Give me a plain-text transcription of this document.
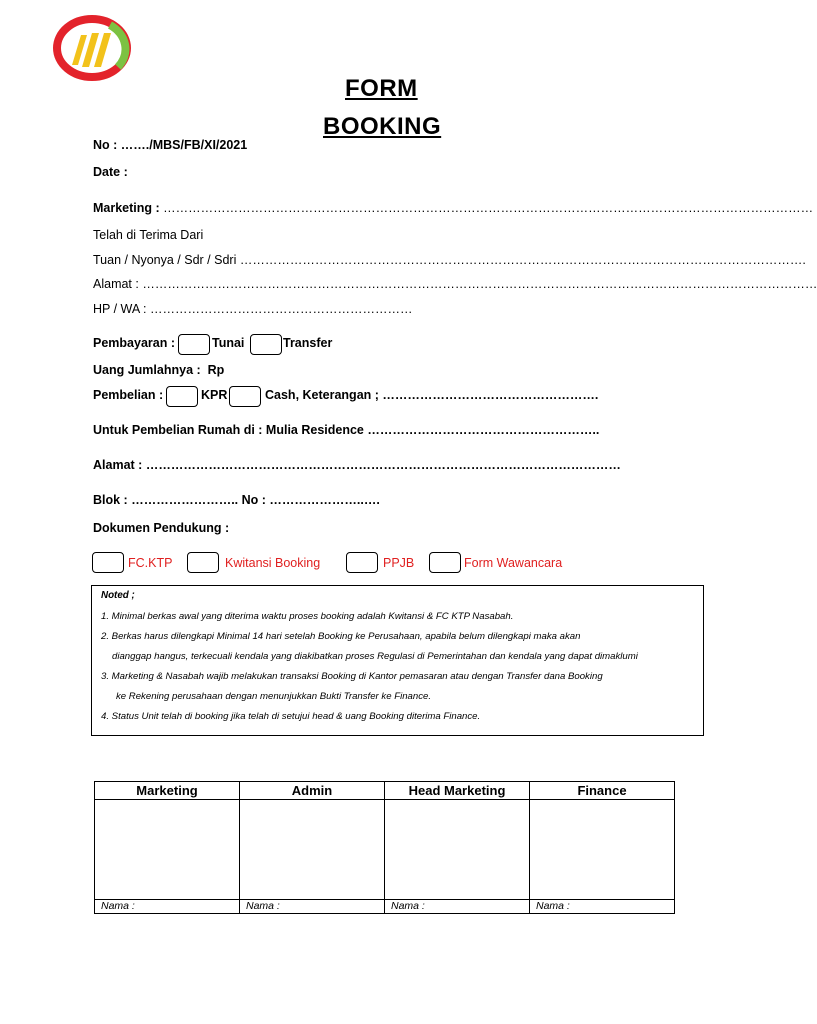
FORM
BOOKING
No : ……./MBS/FB/XI/2021
Date :
Marketing : …………………………………………………………………………………………………………………………………………
Telah di Terima Dari
Tuan / Nyonya / Sdr / Sdri ……………………………………………………………………………………………………………………….
Alamat : ………………………………………………………………………………………………………………………………………………
HP / WA : ………………………………………………………
Pembayaran :	Tunai	Transfer
Uang Jumlahnya : Rp
Pembelian :	KPR	Cash, Keterangan ; …………………………………………….
Untuk Pembelian Rumah di : Mulia Residence ………………………………………………..
Alamat : ……………………………………………………………………………………………………
Blok : …………………….. No : …………………..….
Dokumen Pendukung :
FC.KTP	Kwitansi Booking	PPJB	Form Wawancara
Noted ;
1. Minimal berkas awal yang diterima waktu proses booking adalah Kwitansi & FC KTP Nasabah.
2. Berkas harus dilengkapi Minimal 14 hari setelah Booking ke Perusahaan, apabila belum dilengkapi maka akan
dianggap hangus, terkecuali kendala yang diakibatkan proses Regulasi di Pemerintahan dan kendala yang dapat dimaklumi
3. Marketing & Nasabah wajib melakukan transaksi Booking di Kantor pemasaran atau dengan Transfer dana Booking
ke Rekening perusahaan dengan menunjukkan Bukti Transfer ke Finance.
4. Status Unit telah di booking jika telah di setujui head & uang Booking diterima Finance.
Marketing	Admin	Head Marketing	Finance

Nama :	Nama :	Nama :	Nama :
